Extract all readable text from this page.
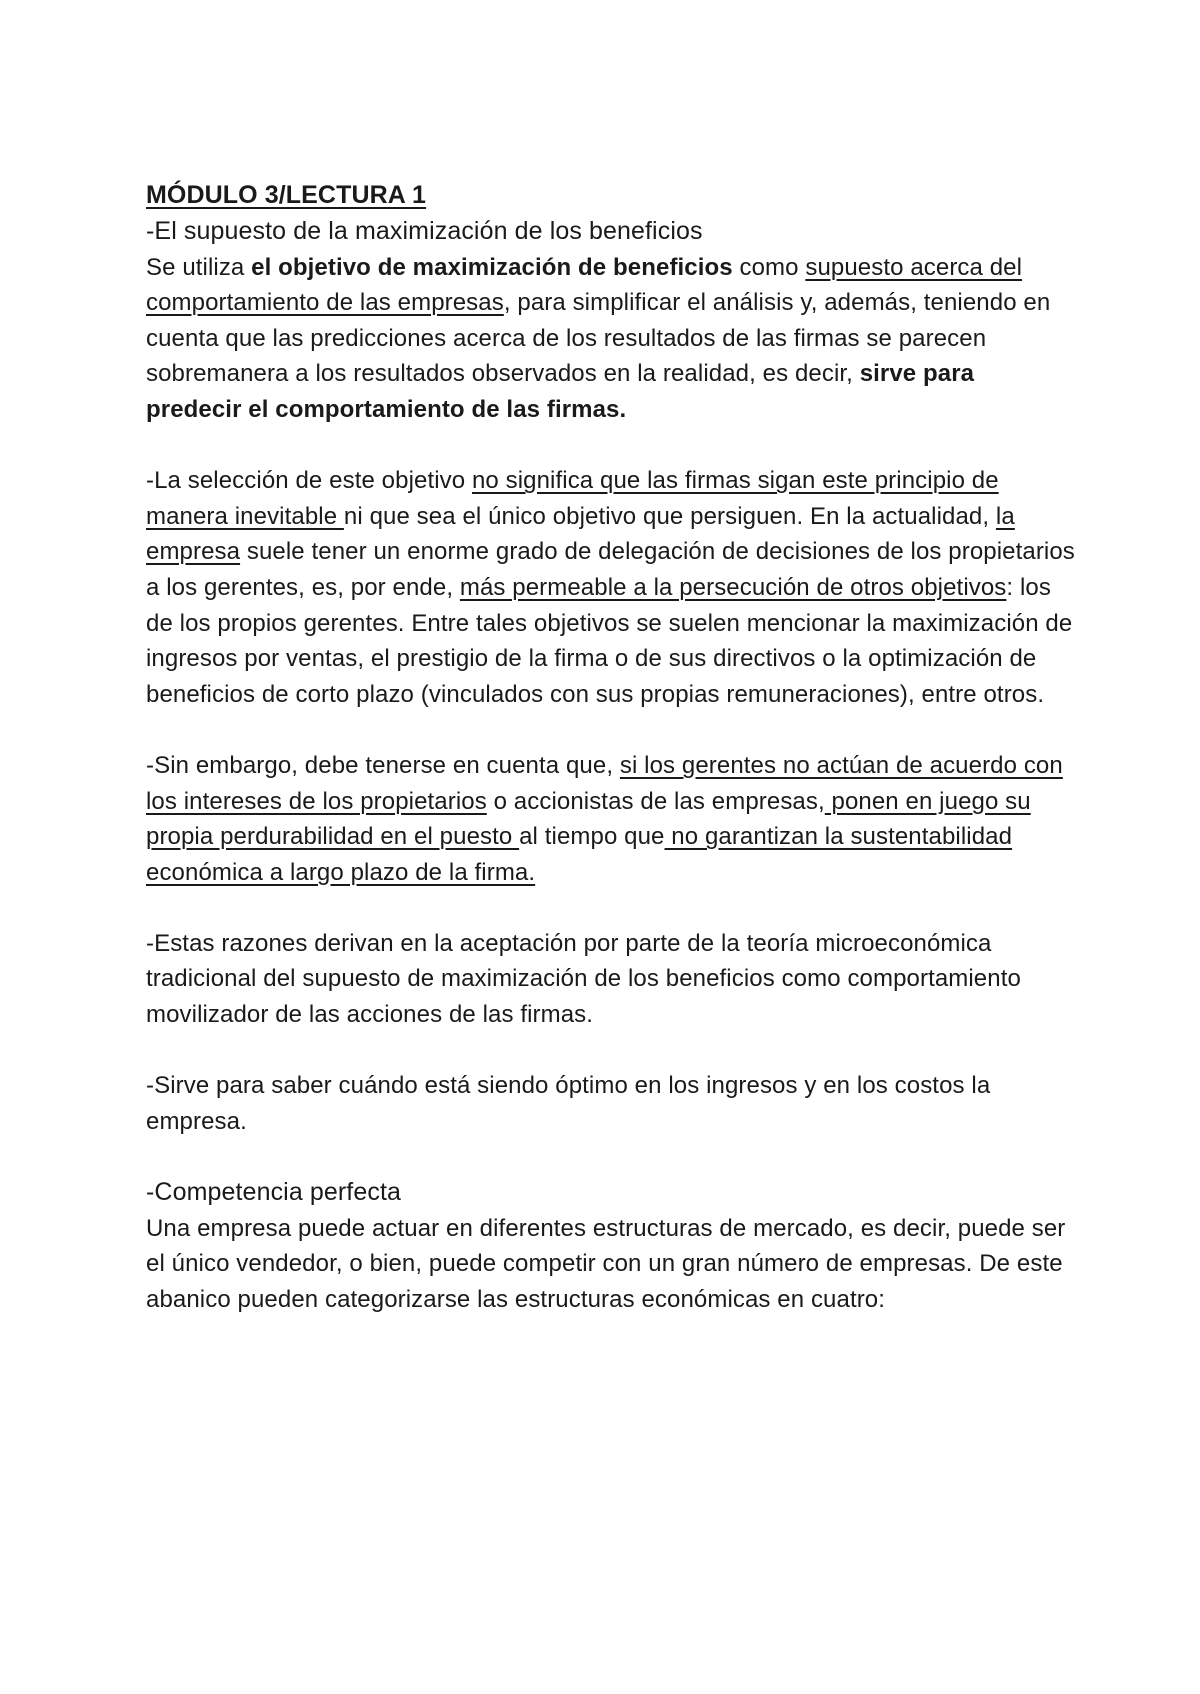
MÓDULO 3/LECTURA 1

-El supuesto de la maximización de los beneficios

Se utiliza el objetivo de maximización de beneficios como supuesto acerca del comportamiento de las empresas, para simplificar el análisis y, además, teniendo en cuenta que las predicciones acerca de los resultados de las firmas se parecen sobremanera a los resultados observados en la realidad, es decir, sirve para predecir el comportamiento de las firmas.

-La selección de este objetivo no significa que las firmas sigan este principio de manera inevitable ni que sea el único objetivo que persiguen. En la actualidad, la empresa suele tener un enorme grado de delegación de decisiones de los propietarios a los gerentes, es, por ende, más permeable a la persecución de otros objetivos: los de los propios gerentes. Entre tales objetivos se suelen mencionar la maximización de ingresos por ventas, el prestigio de la firma o de sus directivos o la optimización de beneficios de corto plazo (vinculados con sus propias remuneraciones), entre otros.

-Sin embargo, debe tenerse en cuenta que, si los gerentes no actúan de acuerdo con los intereses de los propietarios o accionistas de las empresas, ponen en juego su propia perdurabilidad en el puesto al tiempo que no garantizan la sustentabilidad económica a largo plazo de la firma.

-Estas razones derivan en la aceptación por parte de la teoría microeconómica tradicional del supuesto de maximización de los beneficios como comportamiento movilizador de las acciones de las firmas.

-Sirve para saber cuándo está siendo óptimo en los ingresos y en los costos la empresa.

-Competencia perfecta

Una empresa puede actuar en diferentes estructuras de mercado, es decir, puede ser el único vendedor, o bien, puede competir con un gran número de empresas. De este abanico pueden categorizarse las estructuras económicas en cuatro:
